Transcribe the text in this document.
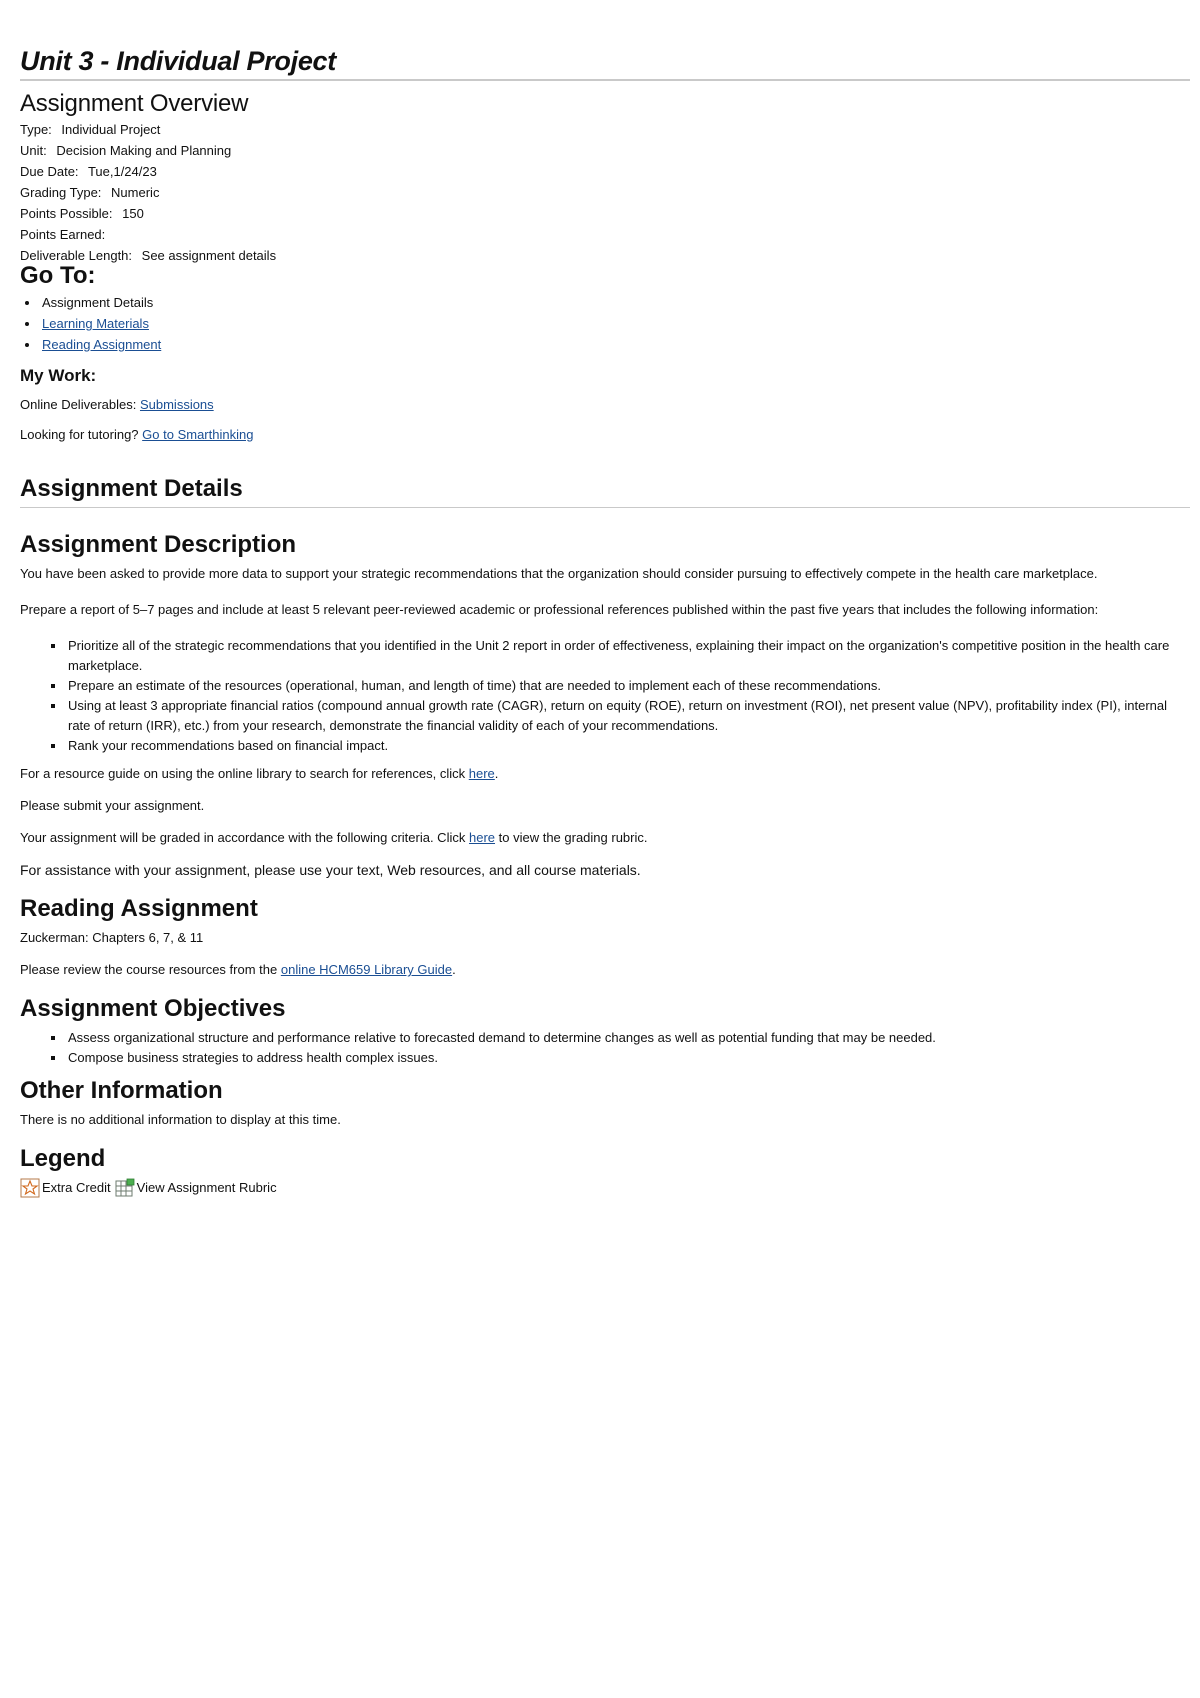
Unit 3 - Individual Project
Assignment Overview

Type: Individual Project

Unit: Decision Making and Planning

Due Date: Tue,1/24/23

Grading Type: Numeric

Points Possible: 150

Points Earned:

Deliverable Length: See assignment details

Go To:
• Assignment Details
• Learning Materials
• Reading Assignment
My Work:

Online Deliverables: Submissions

Looking for tutoring? Go to Smarthinking

Assignment Details
Assignment Description

You have been asked to provide more data to support your strategic recommendations that the organization should consider pursuing to effectively compete in the health care marketplace.

Prepare a report of 5–7 pages and include at least 5 relevant peer-reviewed academic or professional references published within the past five years that includes the following information:

▪ Prioritize all of the strategic recommendations that you identified in the Unit 2 report in order of effectiveness, explaining their impact on the organization's competitive position in the health care marketplace.
▪ Prepare an estimate of the resources (operational, human, and length of time) that are needed to implement each of these recommendations.
▪ Using at least 3 appropriate financial ratios (compound annual growth rate (CAGR), return on equity (ROE), return on investment (ROI), net present value (NPV), profitability index (PI), internal rate of return (IRR), etc.) from your research, demonstrate the financial validity of each of your recommendations.
▪ Rank your recommendations based on financial impact.

For a resource guide on using the online library to search for references, click here.

Please submit your assignment.

Your assignment will be graded in accordance with the following criteria. Click here to view the grading rubric.

For assistance with your assignment, please use your text, Web resources, and all course materials.

Reading Assignment

Zuckerman: Chapters 6, 7, & 11

Please review the course resources from the online HCM659 Library Guide.

Assignment Objectives
▪ Assess organizational structure and performance relative to forecasted demand to determine changes as well as potential funding that may be needed.
▪ Compose business strategies to address health complex issues.
Other Information

There is no additional information to display at this time.

Legend
Extra Credit View Assignment Rubric
